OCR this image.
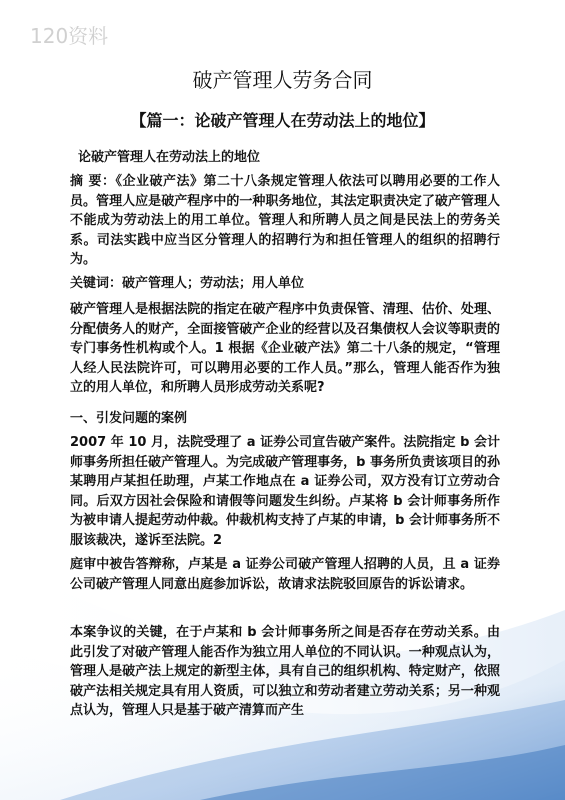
120资料
破产管理人劳务合同
【篇一：论破产管理人在劳动法上的地位】
论破产管理人在劳动法上的地位

摘 要：《企业破产法》第二十八条规定管理人依法可以聘用必要的工作人员。管理人应是破产程序中的一种职务地位，其法定职责决定了破产管理人不能成为劳动法上的用工单位。管理人和所聘人员之间是民法上的劳务关系。司法实践中应当区分管理人的招聘行为和担任管理人的组织的招聘行为。

关键词：破产管理人；劳动法；用人单位

破产管理人是根据法院的指定在破产程序中负责保管、清理、估价、处理、分配债务人的财产，全面接管破产企业的经营以及召集债权人会议等职责的专门事务性机构或个人。1 根据《企业破产法》第二十八条的规定，“管理人经人民法院许可，可以聘用必要的工作人员。”那么，管理人能否作为独立的用人单位，和所聘人员形成劳动关系呢?

一、引发问题的案例

2007 年 10 月，法院受理了 a 证券公司宣告破产案件。法院指定 b 会计师事务所担任破产管理人。为完成破产管理事务，b 事务所负责该项目的孙某聘用卢某担任助理，卢某工作地点在 a 证券公司，双方没有订立劳动合同。后双方因社会保险和请假等问题发生纠纷。卢某将 b 会计师事务所作为被申请人提起劳动仲裁。仲裁机构支持了卢某的申请，b 会计师事务所不服该裁决，遂诉至法院。2

庭审中被告答辩称，卢某是 a 证券公司破产管理人招聘的人员，且 a 证券公司破产管理人同意出庭参加诉讼，故请求法院驳回原告的诉讼请求。

本案争议的关键，在于卢某和 b 会计师事务所之间是否存在劳动关系。由此引发了对破产管理人能否作为独立用人单位的不同认识。一种观点认为，管理人是破产法上规定的新型主体，具有自己的组织机构、特定财产，依照破产法相关规定具有用人资质，可以独立和劳动者建立劳动关系；另一种观点认为，管理人只是基于破产清算而产生
